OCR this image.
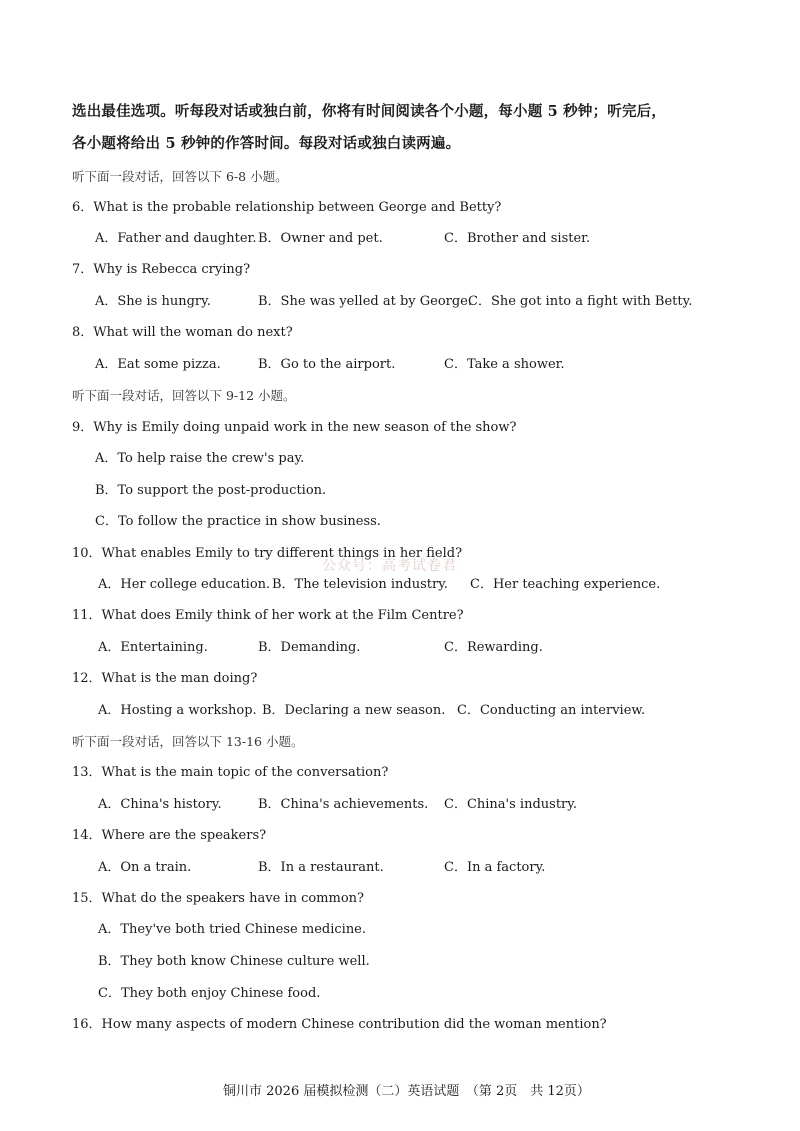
选出最佳选项。听每段对话或独白前，你将有时间阅读各个小题，每小题 5 秒钟；听完后，
各小题将给出 5 秒钟的作答时间。每段对话或独白读两遍。
听下面一段对话，回答以下 6-8 小题。
6．What is the probable relationship between George and Betty?
A．Father and daughter. B．Owner and pet.	C．Brother and sister.
7．Why is Rebecca crying?
A．She is hungry.	B．She was yelled at by George.
C．She got into a fight with Betty.
8．What will the woman do next?
A．Eat some pizza.	B．Go to the airport.	C．Take a shower.
听下面一段对话，回答以下 9-12 小题。
9．Why is Emily doing unpaid work in the new season of the show?
A．To help raise the crew's pay.
B．To support the post-production.
C．To follow the practice in show business.
10．What enables Emily to try different things in her field?
公众号：高考试卷君
A．Her college education. B．The television industry. C．Her teaching experience.
11．What does Emily think of her work at the Film Centre?
A．Entertaining.	B．Demanding.	C．Rewarding.
12．What is the man doing?
A．Hosting a workshop. B．Declaring a new season. C．Conducting an interview.
听下面一段对话，回答以下 13-16 小题。
13．What is the main topic of the conversation?
A．China's history.	B．China's achievements. C．China's industry.
14．Where are the speakers?
A．On a train.	B．In a restaurant.	C．In a factory.
15．What do the speakers have in common?
A．They've both tried Chinese medicine.
B．They both know Chinese culture well.
C．They both enjoy Chinese food.
16．How many aspects of modern Chinese contribution did the woman mention?
铜川市 2026 届模拟检测（二）英语试题　（第 2页　共 12页）
